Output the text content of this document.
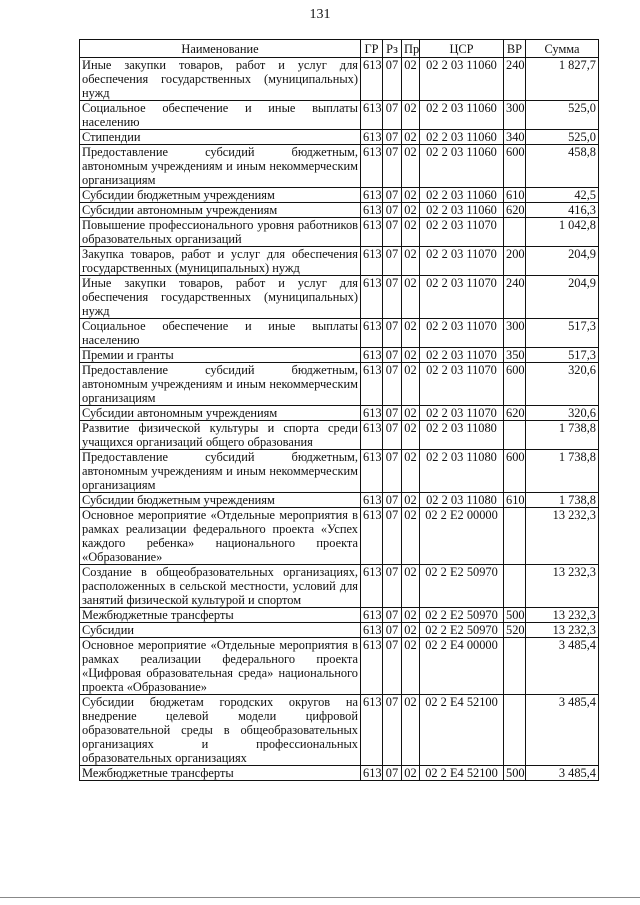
131
Наименование	ГР	Рз	Пр	ЦСР	ВР	Сумма
Иные закупки товаров, работ и услуг для обеспечения государственных (муниципальных) нужд	613	07	02	02 2 03 11060	240	1 827,7
Социальное обеспечение и иные выплаты населению	613	07	02	02 2 03 11060	300	525,0
Стипендии	613	07	02	02 2 03 11060	340	525,0
Предоставление субсидий бюджетным, автономным учреждениям и иным некоммерческим организациям	613	07	02	02 2 03 11060	600	458,8
Субсидии бюджетным учреждениям	613	07	02	02 2 03 11060	610	42,5
Субсидии автономным учреждениям	613	07	02	02 2 03 11060	620	416,3
Повышение профессионального уровня работников образовательных организаций	613	07	02	02 2 03 11070		1 042,8
Закупка товаров, работ и услуг для обеспечения государственных (муниципальных) нужд	613	07	02	02 2 03 11070	200	204,9
Иные закупки товаров, работ и услуг для обеспечения государственных (муниципальных) нужд	613	07	02	02 2 03 11070	240	204,9
Социальное обеспечение и иные выплаты населению	613	07	02	02 2 03 11070	300	517,3
Премии и гранты	613	07	02	02 2 03 11070	350	517,3
Предоставление субсидий бюджетным, автономным учреждениям и иным некоммерческим организациям	613	07	02	02 2 03 11070	600	320,6
Субсидии автономным учреждениям	613	07	02	02 2 03 11070	620	320,6
Развитие физической культуры и спорта среди учащихся организаций общего образования	613	07	02	02 2 03 11080		1 738,8
Предоставление субсидий бюджетным, автономным учреждениям и иным некоммерческим организациям	613	07	02	02 2 03 11080	600	1 738,8
Субсидии бюджетным учреждениям	613	07	02	02 2 03 11080	610	1 738,8
Основное мероприятие «Отдельные мероприятия в рамках реализации федерального проекта «Успех каждого ребенка» национального проекта «Образование»	613	07	02	02 2 E2 00000		13 232,3
Создание в общеобразовательных организациях, расположенных в сельской местности, условий для занятий физической культурой и спортом	613	07	02	02 2 E2 50970		13 232,3
Межбюджетные трансферты	613	07	02	02 2 E2 50970	500	13 232,3
Субсидии	613	07	02	02 2 E2 50970	520	13 232,3
Основное мероприятие «Отдельные мероприятия в рамках реализации федерального проекта «Цифровая образовательная среда» национального проекта «Образование»	613	07	02	02 2 E4 00000		3 485,4
Субсидии бюджетам городских округов на внедрение целевой модели цифровой образовательной среды в общеобразовательных организациях и профессиональных образовательных организациях	613	07	02	02 2 E4 52100		3 485,4
Межбюджетные трансферты	613	07	02	02 2 E4 52100	500	3 485,4
